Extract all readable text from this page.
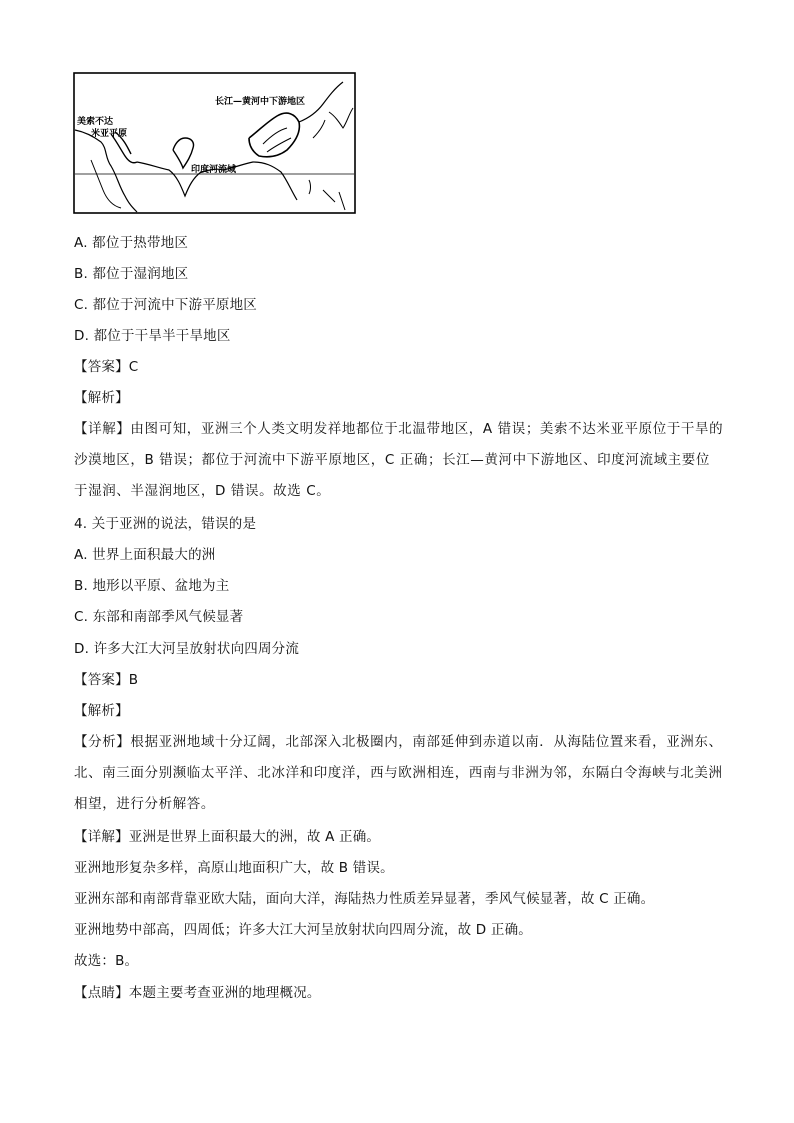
长江—黄河中下游地区
美索不达
米亚平原
印度河流域
A. 都位于热带地区
B. 都位于湿润地区
C. 都位于河流中下游平原地区
D. 都位于干旱半干旱地区
【答案】C
【解析】
【详解】由图可知，亚洲三个人类文明发祥地都位于北温带地区，A 错误；美索不达米亚平原位于干旱的沙漠地区，B 错误；都位于河流中下游平原地区，C 正确；长江—黄河中下游地区、印度河流域主要位于湿润、半湿润地区，D 错误。故选 C。
4. 关于亚洲的说法，错误的是
A. 世界上面积最大的洲
B. 地形以平原、盆地为主
C. 东部和南部季风气候显著
D. 许多大江大河呈放射状向四周分流
【答案】B
【解析】
【分析】根据亚洲地域十分辽阔，北部深入北极圈内，南部延伸到赤道以南．从海陆位置来看，亚洲东、北、南三面分别濒临太平洋、北冰洋和印度洋，西与欧洲相连，西南与非洲为邻，东隔白令海峡与北美洲相望，进行分析解答。
【详解】亚洲是世界上面积最大的洲，故 A 正确。
亚洲地形复杂多样，高原山地面积广大，故 B 错误。
亚洲东部和南部背靠亚欧大陆，面向大洋，海陆热力性质差异显著，季风气候显著，故 C 正确。
亚洲地势中部高，四周低；许多大江大河呈放射状向四周分流，故 D 正确。
故选：B。
【点睛】本题主要考查亚洲的地理概况。
